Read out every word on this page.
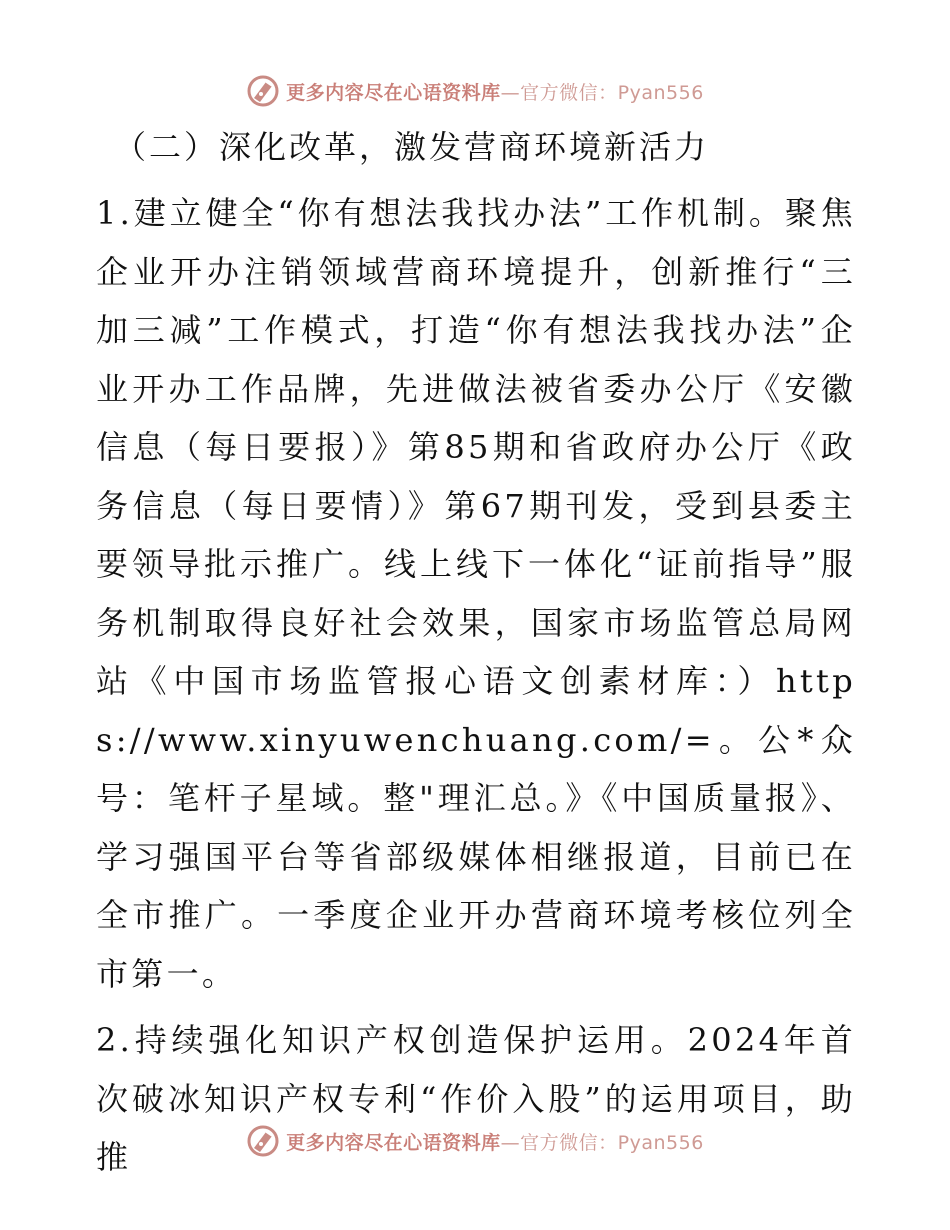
更多内容尽在心语资料库—官方微信：Pyan556
（二）深化改革，激发营商环境新活力
1.建立健全“你有想法我找办法”工作机制。聚焦企业开办注销领域营商环境提升，创新推行“三加三减”工作模式，打造“你有想法我找办法”企业开办工作品牌，先进做法被省委办公厅《安徽信息（每日要报）》第85期和省政府办公厅《政务信息（每日要情）》第67期刊发，受到县委主要领导批示推广。线上线下一体化“证前指导”服务机制取得良好社会效果，国家市场监管总局网站《中国市场监管报心语文创素材库：）https://www.xinyuwenchuang.com/=。公*众号：笔杆子星域。整"理汇总。》《中国质量报》、学习强国平台等省部级媒体相继报道，目前已在全市推广。一季度企业开办营商环境考核位列全市第一。
2.持续强化知识产权创造保护运用。2024年首次破冰知识产权专利“作价入股”的运用项目，助推	更多内容尽在心语资料库—官方微信：Pyan556
